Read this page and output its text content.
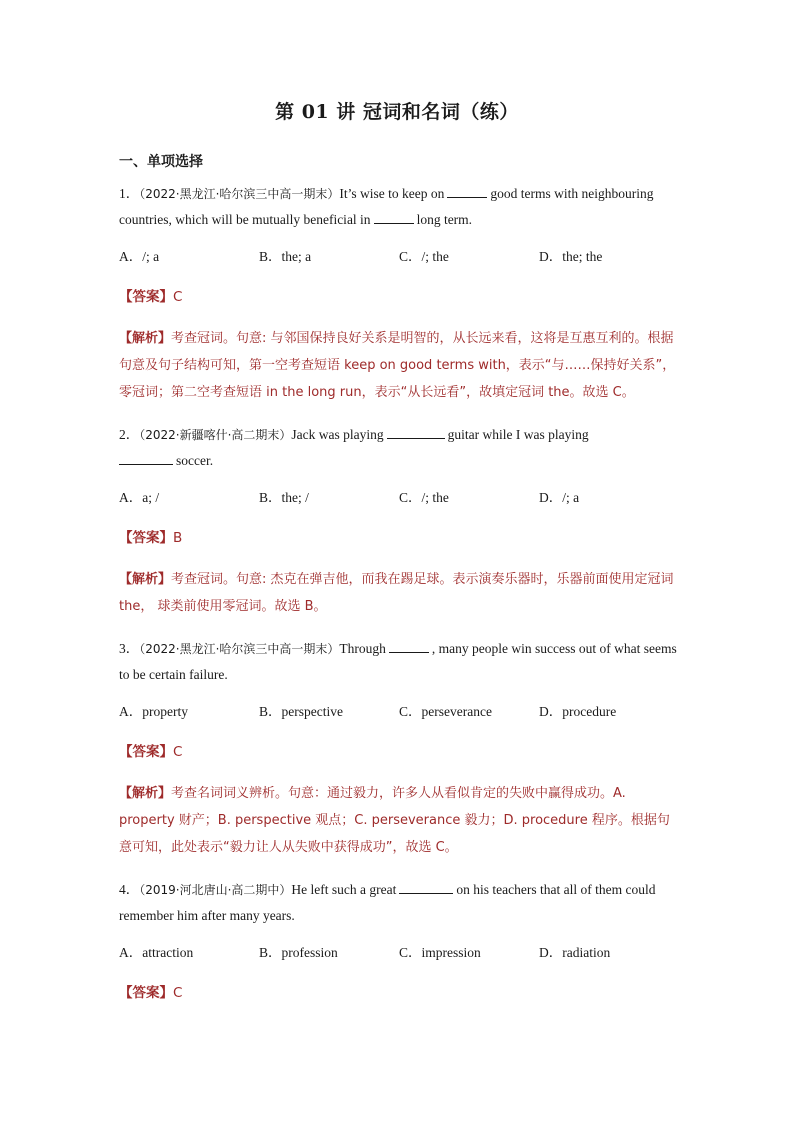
第 01 讲 冠词和名词（练）
一、单项选择

1．（2022·黑龙江·哈尔滨三中高一期末）It’s wise to keep on	good terms with neighbouring countries, which will be mutually beneficial in	long term.

A．/; a	B．the; a	C．/; the	D．the; the
【答案】C

【解析】考查冠词。句意: 与邻国保持良好关系是明智的，从长远来看，这将是互惠互利的。根据句意及句子结构可知，第一空考查短语 keep on good terms with，表示“与……保持好关系”，零冠词；第二空考查短语 in the long run，表示“从长远看”，故填定冠词 the。故选 C。

2．（2022·新疆喀什·高二期末）Jack was playing	guitar while I was playing
soccer.

A．a; /	B．the; /	C．/; the	D．/; a
【答案】B

【解析】考查冠词。句意: 杰克在弹吉他，而我在踢足球。表示演奏乐器时，乐器前面使用定冠词 the， 球类前使用零冠词。故选 B。

3．（2022·黑龙江·哈尔滨三中高一期末）Through	, many people win success out of what seems to be certain failure.

A．property	B．perspective	C．perseverance	D．procedure
【答案】C

【解析】考查名词词义辨析。句意：通过毅力，许多人从看似肯定的失败中赢得成功。A. property 财产；B. perspective 观点；C. perseverance 毅力；D. procedure 程序。根据句意可知，此处表示“毅力让人从失败中获得成功”，故选 C。

4．（2019·河北唐山·高二期中）He left such a great	on his teachers that all of them could remember him after many years.

A．attraction	B．profession	C．impression	D．radiation
【答案】C
